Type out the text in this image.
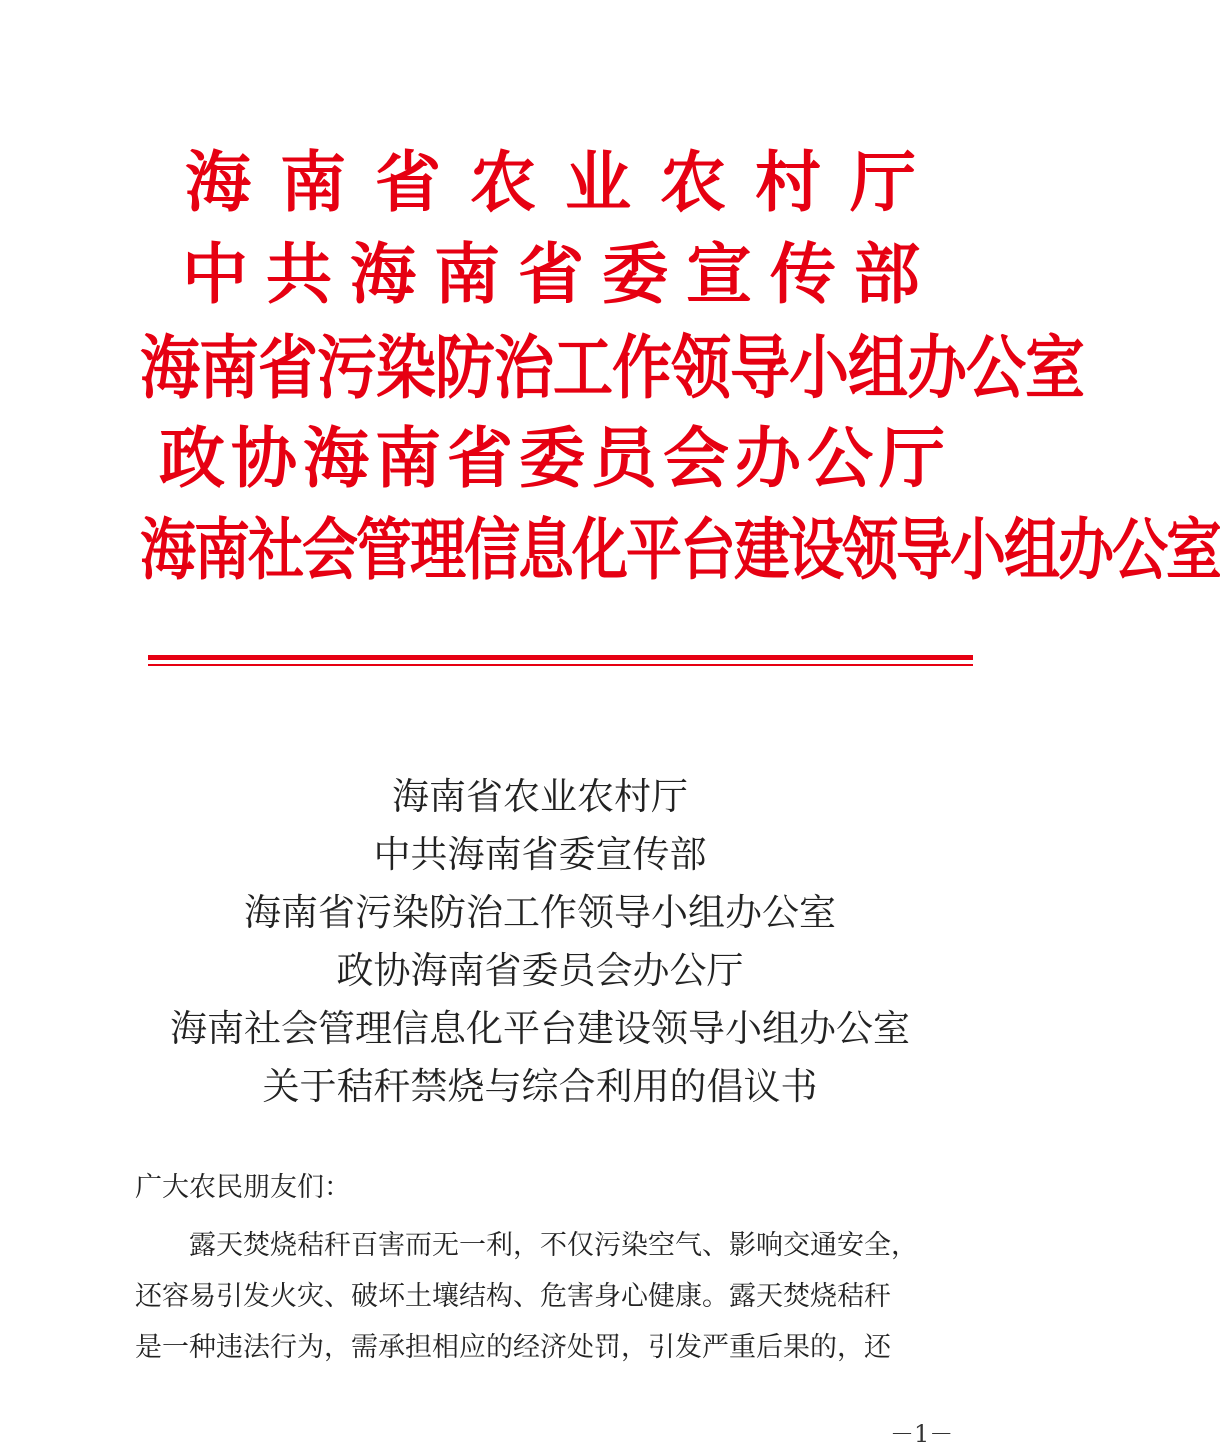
海南省农业农村厅
中共海南省委宣传部
海南省污染防治工作领导小组办公室
政协海南省委员会办公厅
海南社会管理信息化平台建设领导小组办公室
海南省农业农村厅
中共海南省委宣传部
海南省污染防治工作领导小组办公室
政协海南省委员会办公厅
海南社会管理信息化平台建设领导小组办公室
关于秸秆禁烧与综合利用的倡议书
广大农民朋友们：
露天焚烧秸秆百害而无一利，不仅污染空气、影响交通安全，
还容易引发火灾、破坏土壤结构、危害身心健康。露天焚烧秸秆
是一种违法行为，需承担相应的经济处罚，引发严重后果的，还
－1－
